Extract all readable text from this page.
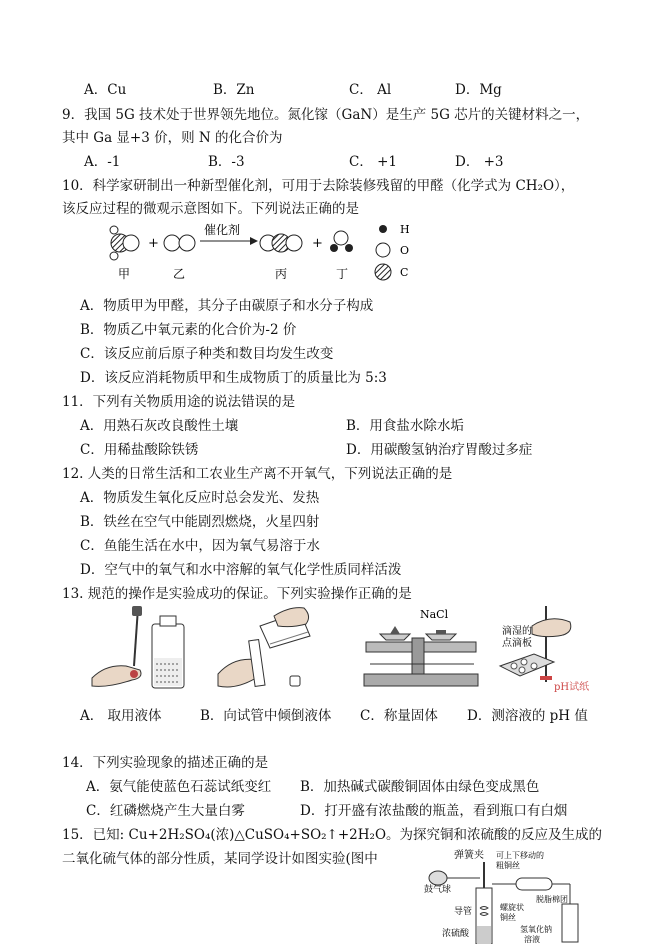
A．Cu	B．Zn	C． Al	D．Mg
9．我国 5G 技术处于世界领先地位。氮化镓（GaN）是生产 5G 芯片的关键材料之一，
其中 Ga 显+3 价，则 N 的化合价为
A．-1	B．-3	C． +1	D． +3
10．科学家研制出一种新型催化剂，可用于去除装修残留的甲醛（化学式为 CH₂O），
该反应过程的微观示意图如下。下列说法正确的是
+
催化剂
+
H
O
C
甲	乙	丙	丁
A．物质甲为甲醛，其分子由碳原子和水分子构成
B．物质乙中氧元素的化合价为-2 价
C．该反应前后原子种类和数目均发生改变
D．该反应消耗物质甲和生成物质丁的质量比为 5:3
11．下列有关物质用途的说法错误的是
A．用熟石灰改良酸性土壤	B．用食盐水除水垢
C．用稀盐酸除铁锈	D．用碳酸氢钠治疗胃酸过多症
12. 人类的日常生活和工农业生产离不开氧气，下列说法正确的是
A．物质发生氧化反应时总会发光、发热
B．铁丝在空气中能剧烈燃烧，火星四射
C．鱼能生活在水中，因为氧气易溶于水
D．空气中的氧气和水中溶解的氧气化学性质同样活泼
13. 规范的操作是实验成功的保证。下列实验操作正确的是
NaCl
滴湿的
点滴板
pH试纸
A． 取用液体	B．向试管中倾倒液体 C．称量固体 D．测溶液的 pH 值
14．下列实验现象的描述正确的是
A．氨气能使蓝色石蕊试纸变红 B．加热碱式碳酸铜固体由绿色变成黑色
C．红磷燃烧产生大量白雾	D．打开盛有浓盐酸的瓶盖，看到瓶口有白烟
15．已知: Cu+2H₂SO₄(浓)△CuSO₄+SO₂↑+2H₂O。为探究铜和浓硫酸的反应及生成的
二氧化硫气体的部分性质，某同学设计如图实验(图中	弹簧夹 可上下移动的
粗铜丝
鼓气球
导管	螺旋状
铜丝
浓硫酸
脱脂棉团
氢氧化钠
溶液
